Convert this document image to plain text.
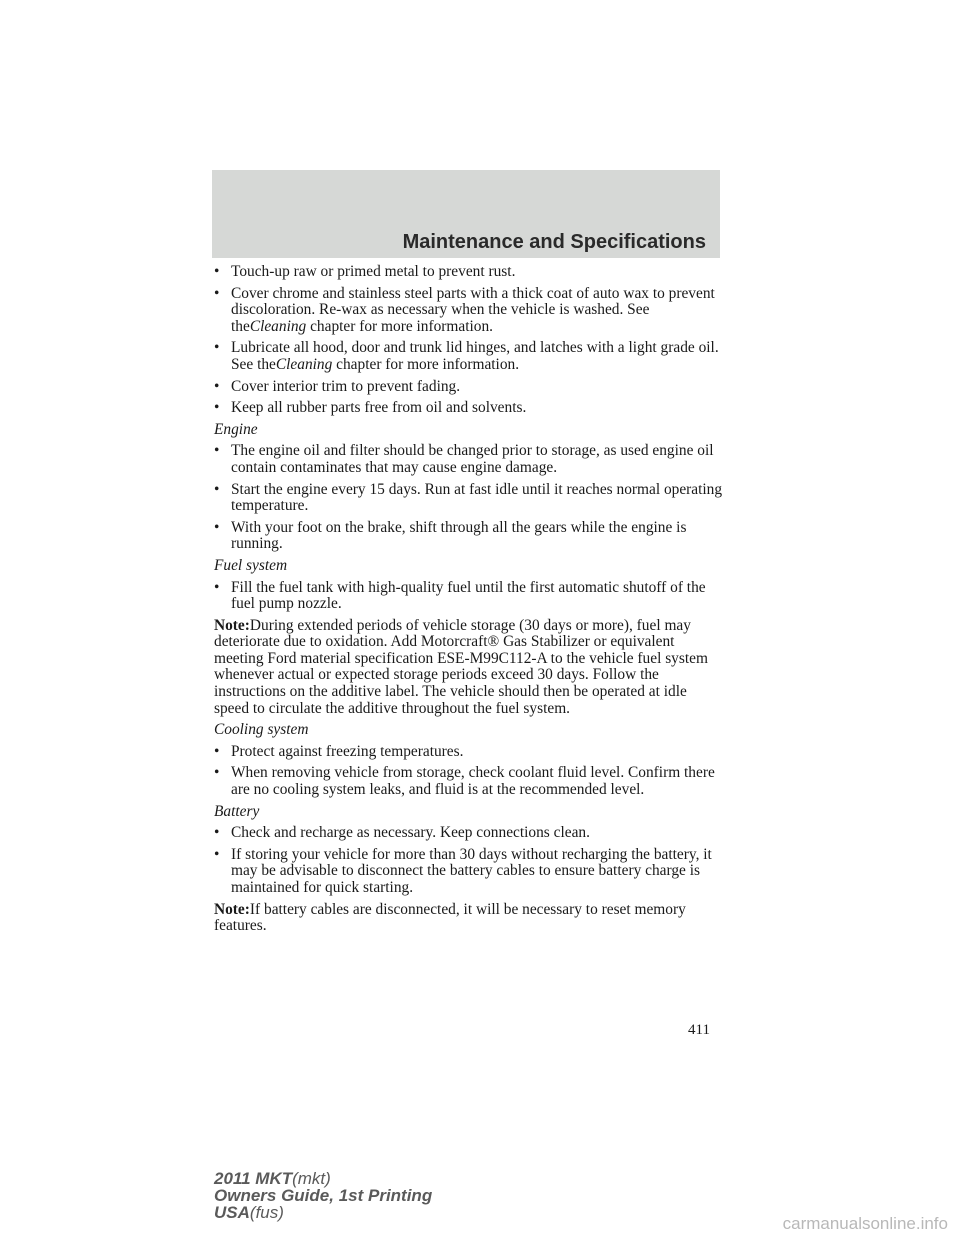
Maintenance and Specifications
• Touch-up raw or primed metal to prevent rust.
• Cover chrome and stainless steel parts with a thick coat of auto wax to prevent discoloration. Re-wax as necessary when the vehicle is washed. See theCleaning chapter for more information.
• Lubricate all hood, door and trunk lid hinges, and latches with a light grade oil. See theCleaning chapter for more information.
• Cover interior trim to prevent fading.
• Keep all rubber parts free from oil and solvents.
Engine
• The engine oil and filter should be changed prior to storage, as used engine oil contain contaminates that may cause engine damage.
• Start the engine every 15 days. Run at fast idle until it reaches normal operating temperature.
• With your foot on the brake, shift through all the gears while the engine is running.
Fuel system
• Fill the fuel tank with high-quality fuel until the first automatic shutoff of the fuel pump nozzle.
Note:During extended periods of vehicle storage (30 days or more), fuel may deteriorate due to oxidation. Add Motorcraft® Gas Stabilizer or equivalent meeting Ford material specification ESE-M99C112-A to the vehicle fuel system whenever actual or expected storage periods exceed 30 days. Follow the instructions on the additive label. The vehicle should then be operated at idle speed to circulate the additive throughout the fuel system.
Cooling system
• Protect against freezing temperatures.
• When removing vehicle from storage, check coolant fluid level. Confirm there are no cooling system leaks, and fluid is at the recommended level.
Battery
• Check and recharge as necessary. Keep connections clean.
• If storing your vehicle for more than 30 days without recharging the battery, it may be advisable to disconnect the battery cables to ensure battery charge is maintained for quick starting.
Note:If battery cables are disconnected, it will be necessary to reset memory features.
411
2011 MKT(mkt)
Owners Guide, 1st Printing
USA(fus)
carmanualsonline.info
